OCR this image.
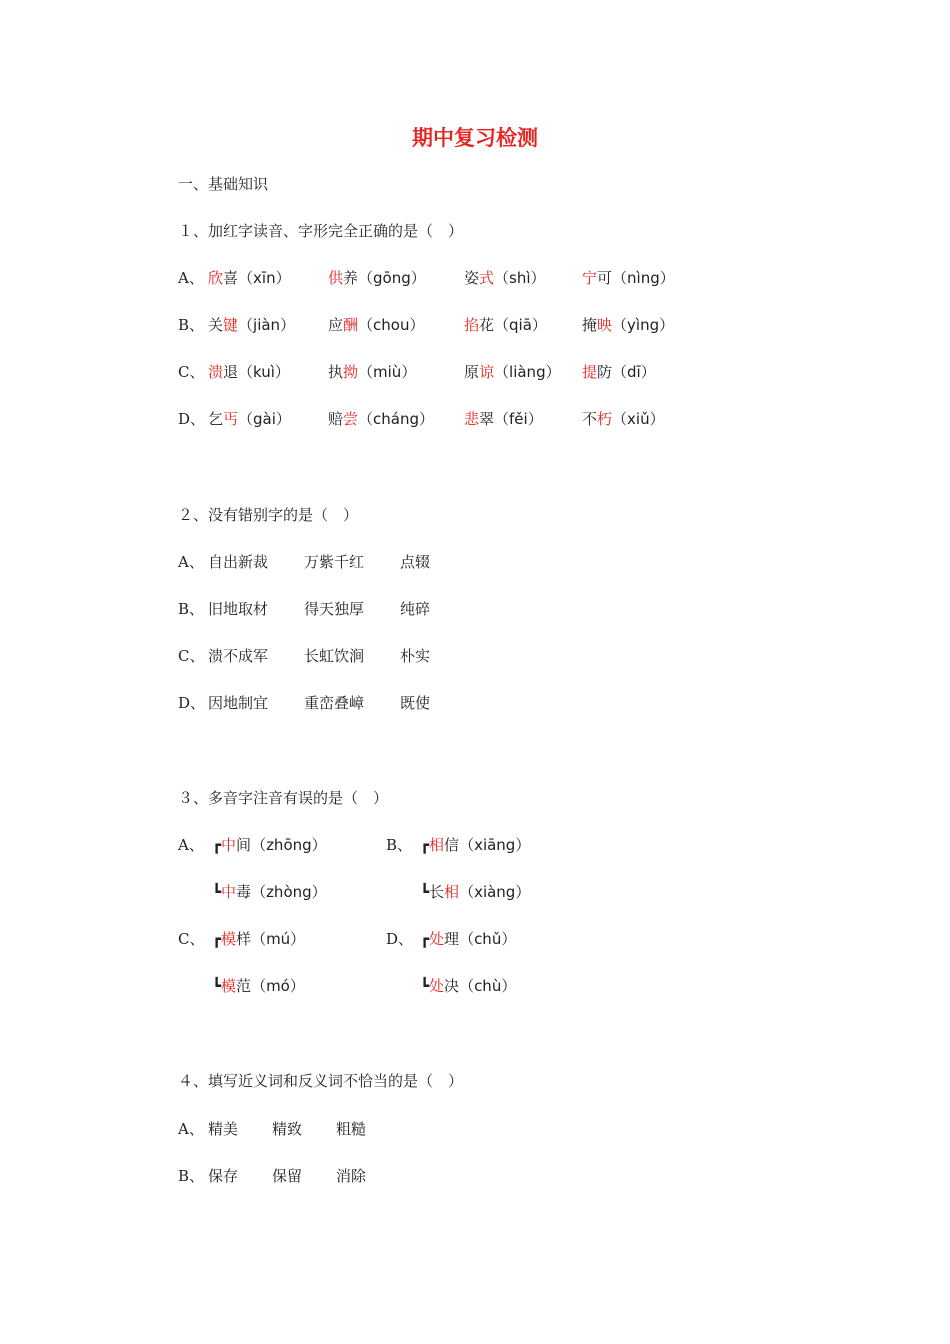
期中复习检测
一、基础知识
１、加红字读音、字形完全正确的是（　）
２、没有错别字的是（　）
３、多音字注音有误的是（　）
４、填写近义词和反义词不恰当的是（　）
A、 欣喜（xīn） 供养（gōng）	姿式（shì） 宁可（nìng）
B、 关键（jiàn） 应酬（chou）	掐花（qiā） 掩映（yìng）
C、 溃退（kuì）	执拗（miù）	原谅（liàng） 提防（dī）
D、 乞丐（gài） 赔尝（cháng） 悲翠（fěi）	不朽（xiǔ）
A、 自出新裁 万紫千红 点辍
B、 旧地取材 得天独厚 纯碎
C、 溃不成军 长虹饮涧 朴实
D、 因地制宜 重峦叠嶂 既使
A、 ┏中间（zhōng）
┗中毒（zhòng）
B、 ┏相信（xiāng）
┗长相（xiàng）
C、 ┏模样（mú）
┗模范（mó）
D、 ┏处理（chǔ）
┗处决（chù）
A、 精美 精致 粗糙
B、 保存 保留 消除
